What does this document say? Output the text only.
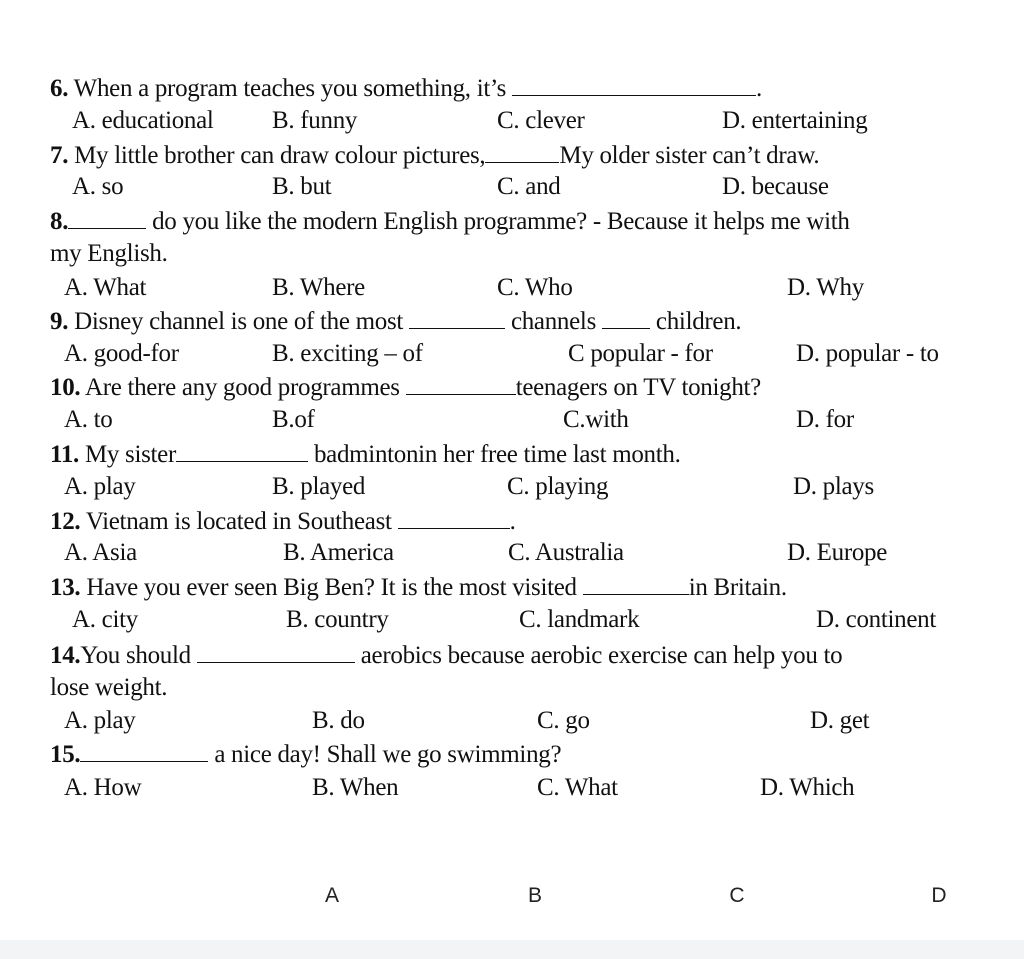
6. When a program teaches you something, it’s	.
A. educational B. funny	C. clever	D. entertaining
7. My little brother can draw colour pictures,	My older sister can’t draw.
A. so	B. but	C. and	D. because
8.	do you like the modern English programme? - Because it helps me with
my English.
A. What	B. Where	C. Who	D. Why
9. Disney channel is one of the most	channels children.
A. good-for	B. exciting – of	C popular - for	D. popular - to
10. Are there any good programmes	teenagers on TV tonight?
A. to	B.of	C.with	D. for
11. My sister	badmintonin her free time last month.
A. play	B. played	C. playing	D. plays
12. Vietnam is located in Southeast	.
A. Asia	B. America	C. Australia	D. Europe
13. Have you ever seen Big Ben? It is the most visited	in Britain.
A. city	B. country	C. landmark	D. continent
14.You should	aerobics because aerobic exercise can help you to
lose weight.
A. play	B. do	C. go	D. get
15.	a nice day! Shall we go swimming?
A. How	B. When	C. What	D. Which
A	B	C	D
